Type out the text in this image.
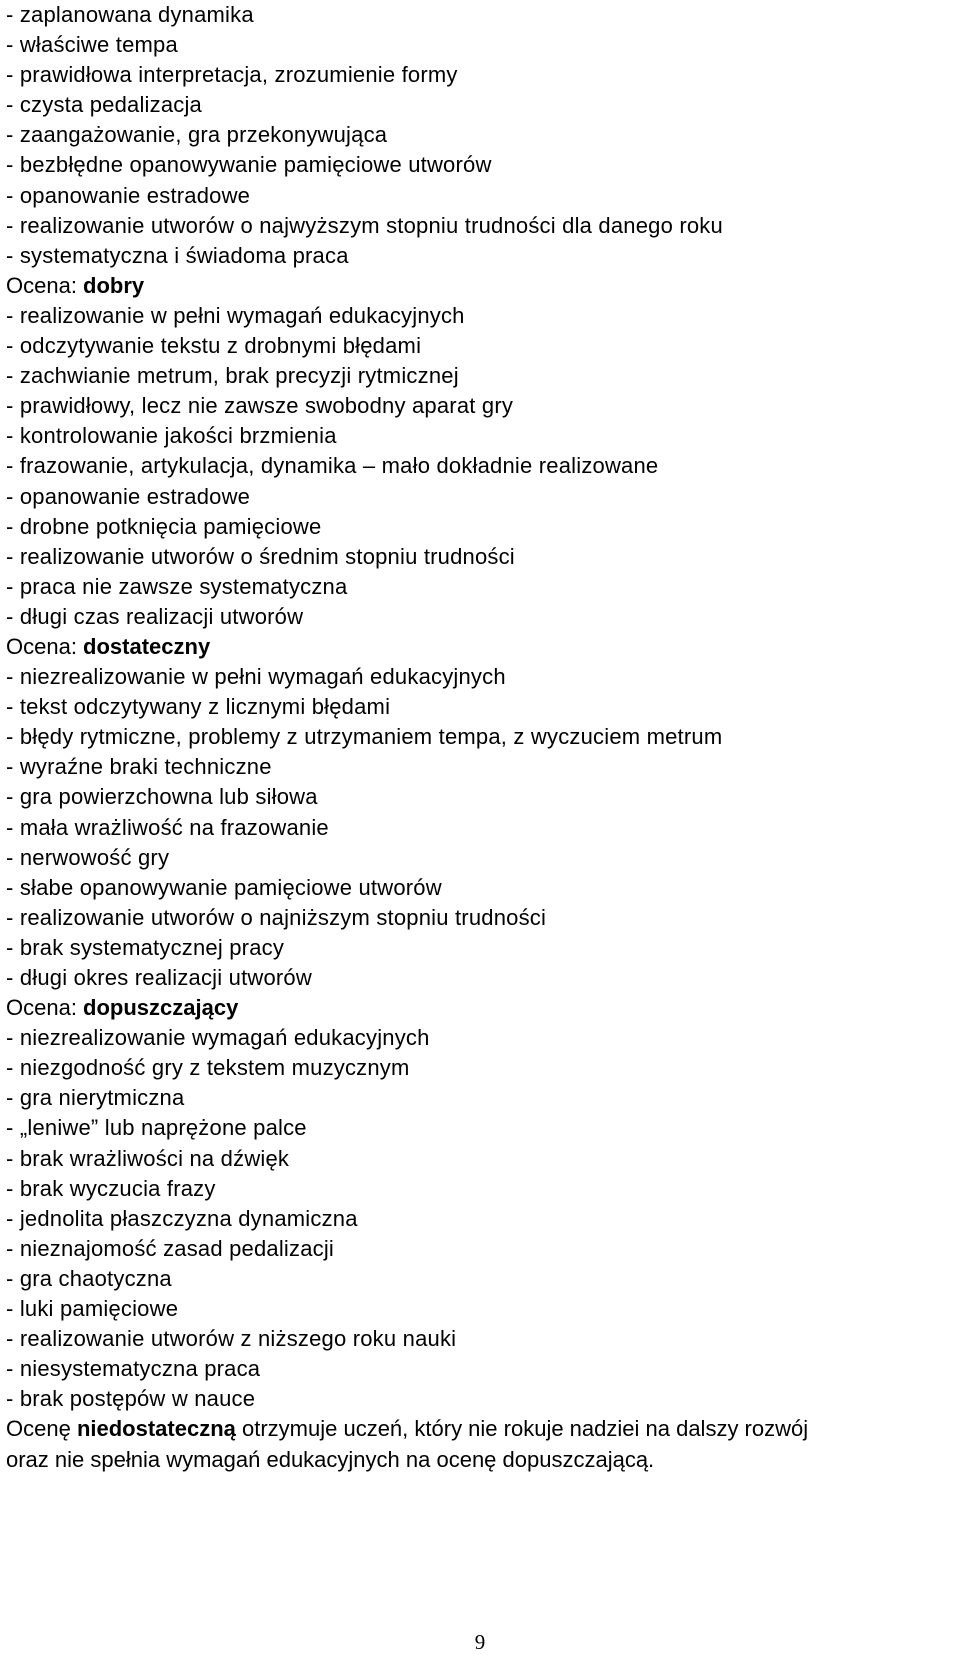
- zaplanowana dynamika

- właściwe tempa

- prawidłowa interpretacja, zrozumienie formy

- czysta pedalizacja

- zaangażowanie, gra przekonywująca

- bezbłędne opanowywanie pamięciowe utworów

- opanowanie estradowe

- realizowanie utworów o najwyższym stopniu trudności dla danego roku

- systematyczna i świadoma praca

Ocena: dobry

- realizowanie w pełni wymagań edukacyjnych

- odczytywanie tekstu z drobnymi błędami

- zachwianie metrum, brak precyzji rytmicznej

- prawidłowy, lecz nie zawsze swobodny aparat gry

- kontrolowanie jakości brzmienia

- frazowanie, artykulacja, dynamika – mało dokładnie realizowane

- opanowanie estradowe

- drobne potknięcia pamięciowe

- realizowanie utworów o średnim stopniu trudności

- praca nie zawsze systematyczna

- długi czas realizacji utworów

Ocena: dostateczny

- niezrealizowanie w pełni wymagań edukacyjnych

- tekst odczytywany z licznymi błędami

- błędy rytmiczne, problemy z utrzymaniem tempa, z wyczuciem metrum

- wyraźne braki techniczne

- gra powierzchowna lub siłowa

- mała wrażliwość na frazowanie

- nerwowość gry

- słabe opanowywanie pamięciowe utworów

- realizowanie utworów o najniższym stopniu trudności

- brak systematycznej pracy

- długi okres realizacji utworów

Ocena: dopuszczający

- niezrealizowanie wymagań edukacyjnych

- niezgodność gry z tekstem muzycznym

- gra nierytmiczna

- „leniwe” lub naprężone palce

- brak wrażliwości na dźwięk

- brak wyczucia frazy

- jednolita płaszczyzna dynamiczna

- nieznajomość zasad pedalizacji

- gra chaotyczna

- luki pamięciowe

- realizowanie utworów z niższego roku nauki

- niesystematyczna praca

- brak postępów w nauce

Ocenę niedostateczną otrzymuje uczeń, który nie rokuje nadziei na dalszy rozwój

oraz nie spełnia wymagań edukacyjnych na ocenę dopuszczającą.

9
